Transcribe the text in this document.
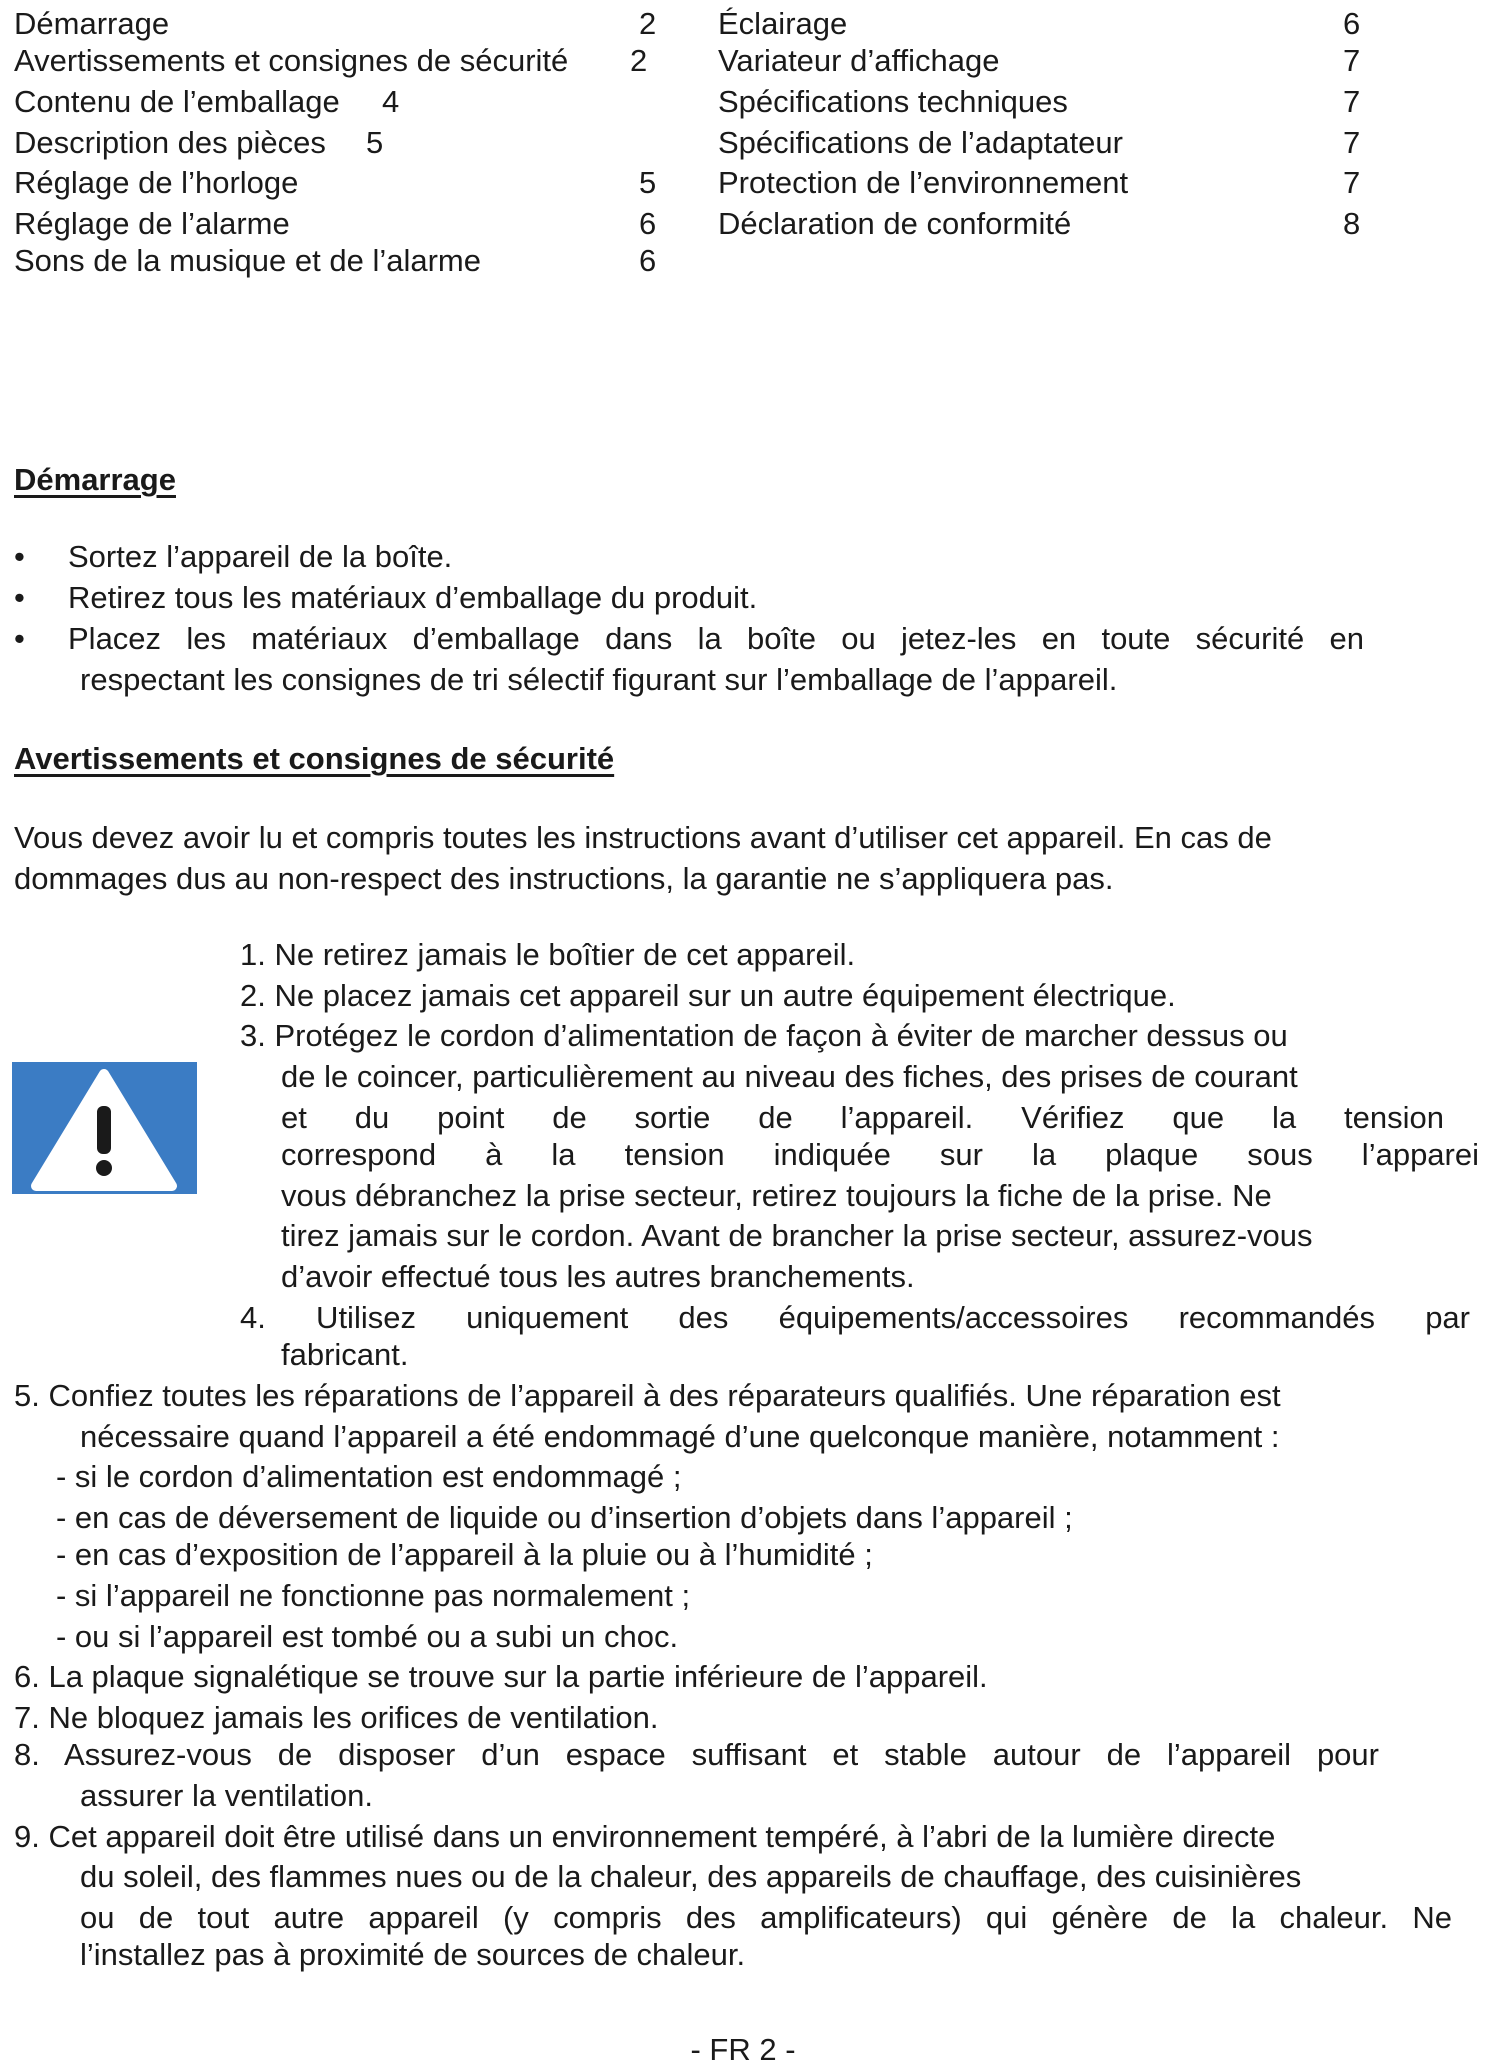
Démarrage	2
Avertissements et consignes de sécurité 2
Contenu de l’emballage 4
Description des pièces 5
Réglage de l’horloge	5
Réglage de l’alarme	6
Sons de la musique et de l’alarme	6
Éclairage	6
Variateur d’affichage	7
Spécifications techniques	7
Spécifications de l’adaptateur	7
Protection de l’environnement	7
Déclaration de conformité	8
Démarrage
• Sortez l’appareil de la boîte.
• Retirez tous les matériaux d’emballage du produit.
• Placez les matériaux d’emballage dans la boîte ou jetez-les en toute sécurité en
respectant les consignes de tri sélectif figurant sur l’emballage de l’appareil.
Avertissements et consignes de sécurité
Vous devez avoir lu et compris toutes les instructions avant d’utiliser cet appareil. En cas de
dommages dus au non-respect des instructions, la garantie ne s’appliquera pas.
1. Ne retirez jamais le boîtier de cet appareil.
2. Ne placez jamais cet appareil sur un autre équipement électrique.
3. Protégez le cordon d’alimentation de façon à éviter de marcher dessus ou
de le coincer, particulièrement au niveau des fiches, des prises de courant
et du point de sortie de l’appareil. Vérifiez que la tension
correspond à la tension indiquée sur la plaque sous l’apparei
vous débranchez la prise secteur, retirez toujours la fiche de la prise. Ne
tirez jamais sur le cordon. Avant de brancher la prise secteur, assurez-vous
d’avoir effectué tous les autres branchements.
4. Utilisez uniquement des équipements/accessoires recommandés par
fabricant.
5. Confiez toutes les réparations de l’appareil à des réparateurs qualifiés. Une réparation est
nécessaire quand l’appareil a été endommagé d’une quelconque manière, notamment :
- si le cordon d’alimentation est endommagé ;
- en cas de déversement de liquide ou d’insertion d’objets dans l’appareil ;
- en cas d’exposition de l’appareil à la pluie ou à l’humidité ;
- si l’appareil ne fonctionne pas normalement ;
- ou si l’appareil est tombé ou a subi un choc.
6. La plaque signalétique se trouve sur la partie inférieure de l’appareil.
7. Ne bloquez jamais les orifices de ventilation.
8. Assurez-vous de disposer d’un espace suffisant et stable autour de l’appareil pour
assurer la ventilation.
9. Cet appareil doit être utilisé dans un environnement tempéré, à l’abri de la lumière directe
du soleil, des flammes nues ou de la chaleur, des appareils de chauffage, des cuisinières
ou de tout autre appareil (y compris des amplificateurs) qui génère de la chaleur. Ne
l’installez pas à proximité de sources de chaleur.
- FR 2 -
